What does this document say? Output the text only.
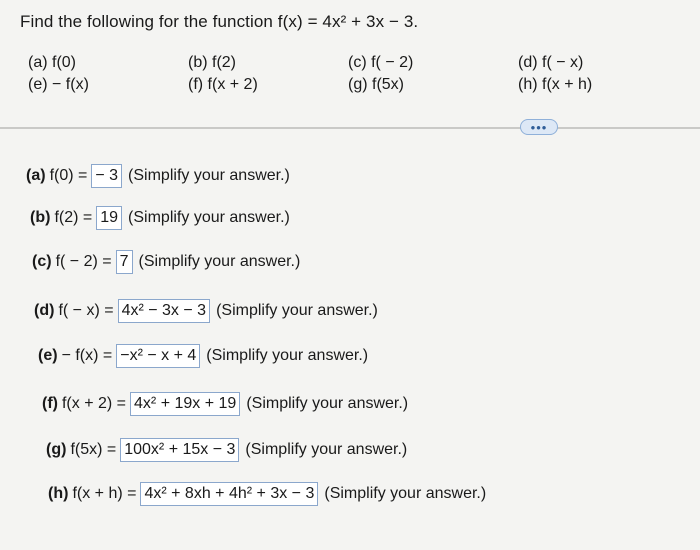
Find the following for the function f(x) = 4x² + 3x − 3.
(a) f(0)	(b) f(2)	(c) f( − 2)	(d) f( − x)
(e) − f(x)	(f) f(x + 2)	(g) f(5x)	(h) f(x + h)
•••
(a) f(0) = − 3 (Simplify your answer.)
(b) f(2) = 19 (Simplify your answer.)
(c) f( − 2) = 7 (Simplify your answer.)
(d) f( − x) = 4x² − 3x − 3 (Simplify your answer.)
(e) − f(x) = −x² − x + 4 (Simplify your answer.)
(f) f(x + 2) = 4x² + 19x + 19 (Simplify your answer.)
(g) f(5x) = 100x² + 15x − 3 (Simplify your answer.)
(h) f(x + h) = 4x² + 8xh + 4h² + 3x − 3 (Simplify your answer.)
